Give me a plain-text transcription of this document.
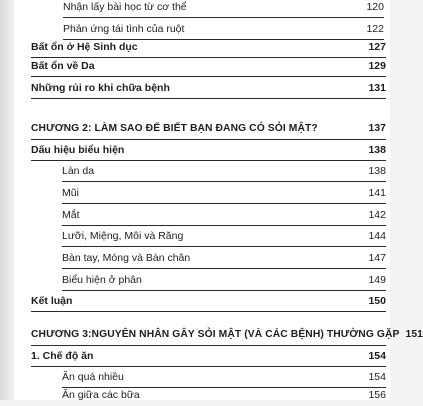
Nhận lấy bài học từ cơ thể	120
Phản ứng tái tình của ruột	122
Bất ổn ở Hệ Sinh dục	127
Bất ổn về Da	129
Những rủi ro khi chữa bệnh	131
CHƯƠNG 2: LÀM SAO ĐỂ BIẾT BẠN ĐANG CÓ SỎI MẬT?	137
Dấu hiệu biểu hiện	138
Làn da	138
Mũi	141
Mắt	142
Lưỡi, Miệng, Môi và Răng	144
Bàn tay, Móng và Bàn chân	147
Biểu hiện ở phân	149
Kết luận	150
CHƯƠNG 3:NGUYÊN NHÂN GÂY SỎI MẬT (VÀ CÁC BỆNH) THƯỜNG GẶP 151
1. Chế độ ăn	154
Ăn quá nhiều	154
Ăn giữa các bữa	156
